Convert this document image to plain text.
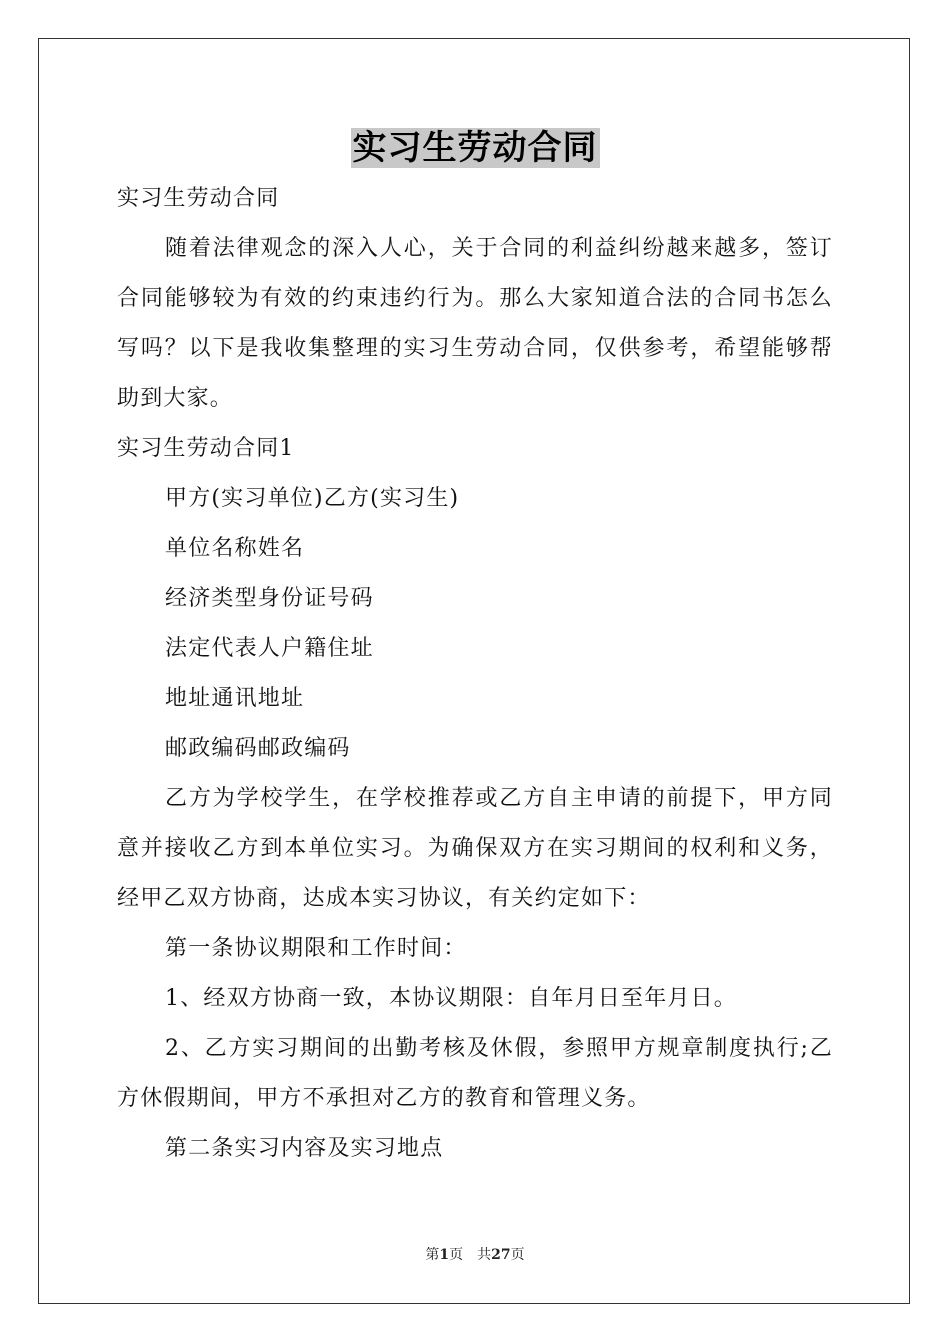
实习生劳动合同

实习生劳动合同

随着法律观念的深入人心，关于合同的利益纠纷越来越多，签订合同能够较为有效的约束违约行为。那么大家知道合法的合同书怎么写吗？以下是我收集整理的实习生劳动合同，仅供参考，希望能够帮助到大家。

实习生劳动合同1

甲方(实习单位)乙方(实习生)

单位名称姓名

经济类型身份证号码

法定代表人户籍住址

地址通讯地址

邮政编码邮政编码

乙方为学校学生，在学校推荐或乙方自主申请的前提下，甲方同意并接收乙方到本单位实习。为确保双方在实习期间的权利和义务，经甲乙双方协商，达成本实习协议，有关约定如下：

第一条协议期限和工作时间：

1、经双方协商一致，本协议期限：自年月日至年月日。

2、乙方实习期间的出勤考核及休假，参照甲方规章制度执行;乙方休假期间，甲方不承担对乙方的教育和管理义务。

第二条实习内容及实习地点

第1页 共27页
